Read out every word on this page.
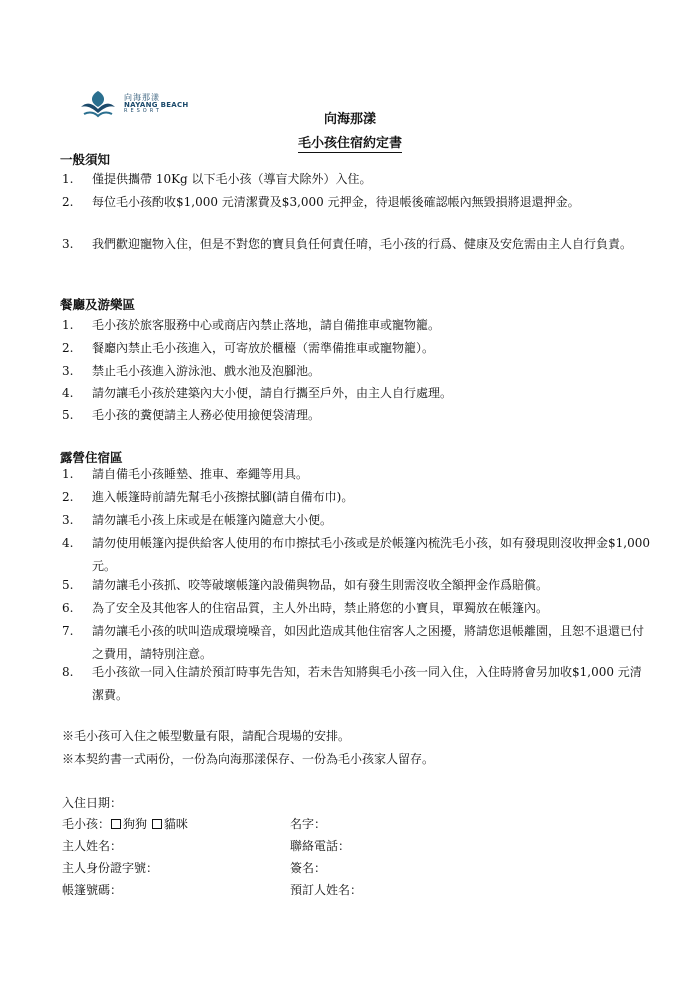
向海那漾
NAYANG BEACH
RESORT
向海那漾
毛小孩住宿約定書
一般須知
1. 僅提供攜帶 10Kg 以下毛小孩（導盲犬除外）入住。
2. 每位毛小孩酌收$1,000 元清潔費及$3,000 元押金，待退帳後確認帳內無毀損將退還押金。
3. 我們歡迎寵物入住，但是不對您的寶貝負任何責任唷，毛小孩的行爲、健康及安危需由主人自行負責。
餐廳及游樂區
1. 毛小孩於旅客服務中心或商店內禁止落地，請自備推車或寵物籠。
2. 餐廳內禁止毛小孩進入，可寄放於櫃檯（需準備推車或寵物籠）。
3. 禁止毛小孩進入游泳池、戲水池及泡腳池。
4. 請勿讓毛小孩於建築內大小便，請自行攜至戶外，由主人自行處理。
5. 毛小孩的糞便請主人務必使用撿便袋清理。
露營住宿區
1. 請自備毛小孩睡墊、推車、牽繩等用具。
2. 進入帳篷時前請先幫毛小孩擦拭腳(請自備布巾)。
3. 請勿讓毛小孩上床或是在帳篷內隨意大小便。
4. 請勿使用帳篷內提供給客人使用的布巾擦拭毛小孩或是於帳篷內梳洗毛小孩，如有發現則沒收押金$1,000 元。
5. 請勿讓毛小孩抓、咬等破壞帳篷內設備與物品，如有發生則需沒收全額押金作爲賠償。
6. 為了安全及其他客人的住宿品質，主人外出時，禁止將您的小寶貝，單獨放在帳篷內。
7. 請勿讓毛小孩的吠叫造成環境噪音，如因此造成其他住宿客人之困擾，將請您退帳離園，且恕不退還已付之費用，請特別注意。
8. 毛小孩欲一同入住請於預訂時事先告知，若未告知將與毛小孩一同入住，入住時將會另加收$1,000 元清潔費。
※毛小孩可入住之帳型數量有限，請配合現場的安排。
※本契約書一式兩份，一份為向海那漾保存、一份為毛小孩家人留存。
入住日期：
毛小孩： 狗狗 貓咪	名字：
主人姓名：	聯絡電話：
主人身份證字號：	簽名：
帳篷號碼：	預訂人姓名：
